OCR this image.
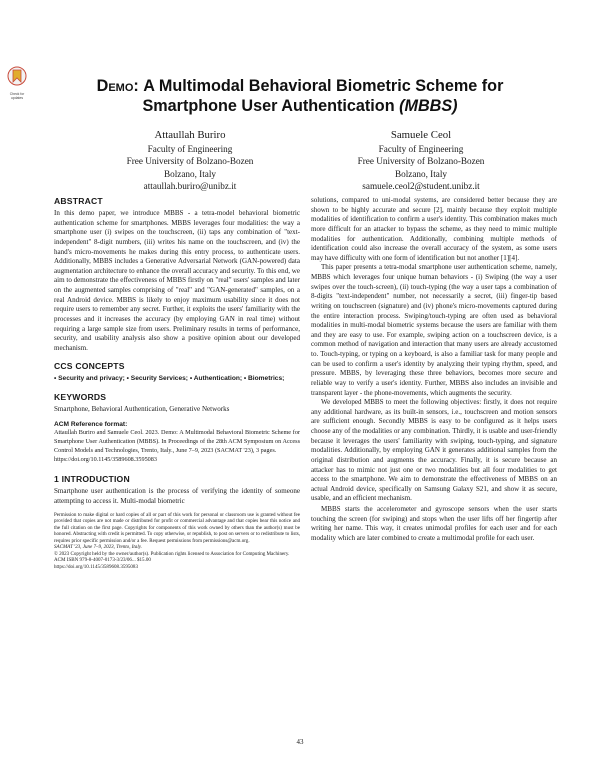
Check for updates
Demo: A Multimodal Behavioral Biometric Scheme for
Smartphone User Authentication (MBBS)
Attaullah Buriro
Faculty of Engineering
Free University of Bolzano-Bozen
Bolzano, Italy
attaullah.buriro@unibz.it
Samuele Ceol
Faculty of Engineering
Free University of Bolzano-Bozen
Bolzano, Italy
samuele.ceol2@student.unibz.it
ABSTRACT

In this demo paper, we introduce MBBS - a tetra-model behavioral biometric authentication scheme for smartphones. MBBS leverages four modalities: the way a smartphone user (i) swipes on the touchscreen, (ii) taps any combination of "text-independent" 8-digit numbers, (iii) writes his name on the touchscreen, and (iv) the hand's micro-movements he makes during this entry process, to authenticate users. Additionally, MBBS includes a Generative Adversarial Network (GAN-powered) data augmentation architecture to enhance the overall accuracy and security. To this end, we aim to demonstrate the effectiveness of MBBS firstly on "real" users' samples and later on the augmented samples comprising of "real" and "GAN-generated" samples, on a real Android device. MBBS is likely to enjoy maximum usability since it does not require users to remember any secret. Further, it exploits the users' familiarity with the processes and it increases the accuracy (by employing GAN in real time) without requiring a large sample size from users. Preliminary results in terms of performance, security, and usability analysis also show a positive opinion about our developed mechanism.

CCS CONCEPTS

• Security and privacy; • Security Services; • Authentication; • Biometrics;

KEYWORDS

Smartphone, Behavioral Authentication, Generative Networks

ACM Reference format:

Attaullah Buriro and Samuele Ceol. 2023. Demo: A Multimodal Behavioral Biometric Scheme for Smartphone User Authentication (MBBS). In Proceedings of the 28th ACM Symposium on Access Control Models and Technologies, Trento, Italy., June 7–9, 2023 (SACMAT '23), 3 pages.

https://doi.org/10.1145/3589608.3595083

1 INTRODUCTION

Smartphone user authentication is the process of verifying the identity of someone attempting to access it. Multi-modal biometric

Permission to make digital or hard copies of all or part of this work for personal or classroom use is granted without fee provided that copies are not made or distributed for profit or commercial advantage and that copies bear this notice and the full citation on the first page. Copyrights for components of this work owned by others than the author(s) must be honored. Abstracting with credit is permitted. To copy otherwise, or republish, to post on servers or to redistribute to lists, requires prior specific permission and/or a fee. Request permissions from permissions@acm.org.

SACMAT '23, June 7–9, 2023, Trento, Italy.

© 2023 Copyright held by the owner/author(s). Publication rights licensed to Association for Computing Machinery.

ACM ISBN 979-8-4007-0173-3/23/06... $15.00

https://doi.org/10.1145/3589608.3595083

solutions, compared to uni-modal systems, are considered better because they are shown to be highly accurate and secure [2], mainly because they exploit multiple modalities of identification to confirm a user's identity. This combination makes much more difficult for an attacker to bypass the scheme, as they need to mimic multiple modalities for authentication. Additionally, combining multiple methods of identification could also increase the overall accuracy of the system, as some users may have difficulty with one form of identification but not another [1][4].

This paper presents a tetra-modal smartphone user authentication scheme, namely, MBBS which leverages four unique human behaviors - (i) Swiping (the way a user swipes over the touch-screen), (ii) touch-typing (the way a user taps a combination of 8-digits "text-independent" number, not necessarily a secret, (iii) finger-tip based writing on touchscreen (signature) and (iv) phone's micro-movements captured during the entire interaction process. Swiping/touch-typing are often used as behavioral modalities in multi-modal biometric systems because the users are familiar with them and they are easy to use. For example, swiping action on a touchscreen device, is a common method of navigation and interaction that many users are already accustomed to. Touch-typing, or typing on a keyboard, is also a familiar task for many people and can be used to confirm a user's identity by analyzing their typing rhythm, speed, and pressure. MBBS, by leveraging these three behaviors, becomes more secure and reliable way to verify a user's identity. Further, MBBS also includes an invisible and transparent layer - the phone-movements, which augments the security.

We developed MBBS to meet the following objectives: firstly, it does not require any additional hardware, as its built-in sensors, i.e., touchscreen and motion sensors are sufficient enough. Secondly MBBS is easy to be configured as it helps users choose any of the modalities or any combination. Thirdly, it is usable and user-friendly because it leverages the users' familiarity with swiping, touch-typing, and signature modalities. Additionally, by employing GAN it generates additional samples from the original distribution and augments the accuracy. Finally, it is secure because an attacker has to mimic not just one or two modalities but all four modalities to get access to the smartphone. We aim to demonstrate the effectiveness of MBBS on an actual Android device, specifically on Samsung Galaxy S21, and show it as secure, usable, and an efficient mechanism.

MBBS starts the accelerometer and gyroscope sensors when the user starts touching the screen (for swiping) and stops when the user lifts off her fingertip after writing her name. This way, it creates unimodal profiles for each user and for each modality which are later combined to create a multimodal profile for each user.

43
